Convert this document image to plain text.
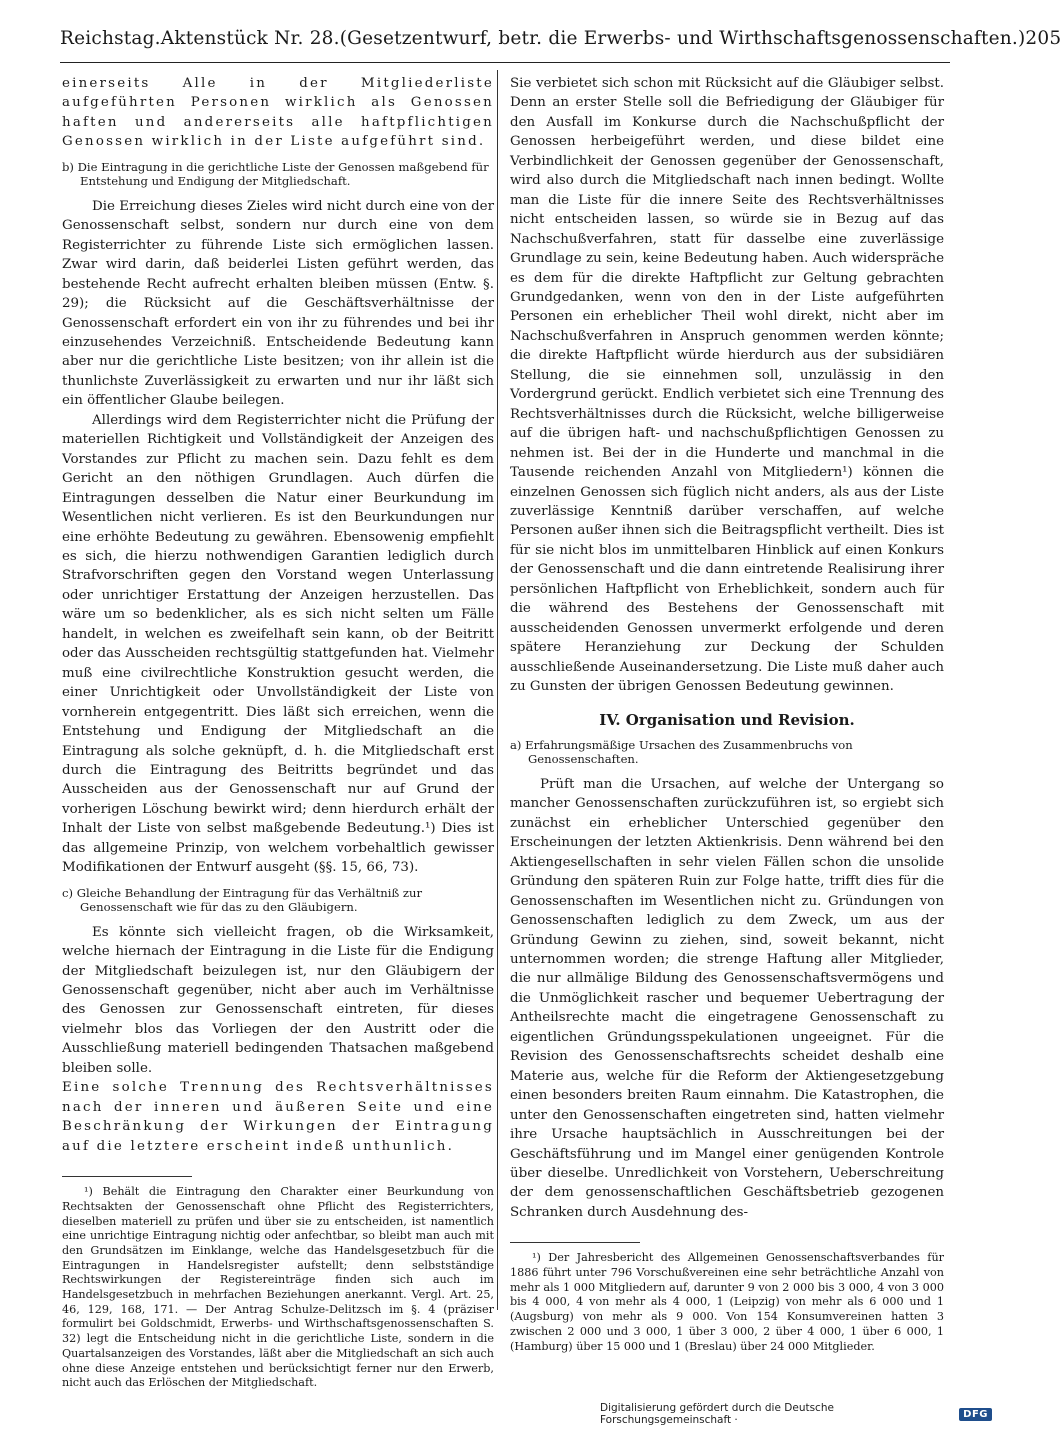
Reichstag. Aktenstück Nr. 28. (Gesetzentwurf, betr. die Erwerbs- und Wirthschaftsgenossenschaften.) 205

einerseits Alle in der Mitgliederliste aufgeführten Personen wirklich als Genossen haften und andererseits alle haftpflichtigen Genossen wirklich in der Liste aufgeführt sind.

b) Die Eintragung in die gerichtliche Liste der Genossen maßgebend für Entstehung und Endigung der Mitgliedschaft.

Die Erreichung dieses Zieles wird nicht durch eine von der Genossenschaft selbst, sondern nur durch eine von dem Registerrichter zu führende Liste sich ermöglichen lassen. Zwar wird darin, daß beiderlei Listen geführt werden, das bestehende Recht aufrecht erhalten bleiben müssen (Entw. §. 29); die Rücksicht auf die Geschäftsverhältnisse der Genossenschaft erfordert ein von ihr zu führendes und bei ihr einzusehendes Verzeichniß. Entscheidende Bedeutung kann aber nur die gerichtliche Liste besitzen; von ihr allein ist die thunlichste Zuverlässigkeit zu erwarten und nur ihr läßt sich ein öffentlicher Glaube beilegen.

Allerdings wird dem Registerrichter nicht die Prüfung der materiellen Richtigkeit und Vollständigkeit der Anzeigen des Vorstandes zur Pflicht zu machen sein. Dazu fehlt es dem Gericht an den nöthigen Grundlagen. Auch dürfen die Eintragungen desselben die Natur einer Beurkundung im Wesentlichen nicht verlieren. Es ist den Beurkundungen nur eine erhöhte Bedeutung zu gewähren. Ebensowenig empfiehlt es sich, die hierzu nothwendigen Garantien lediglich durch Strafvorschriften gegen den Vorstand wegen Unterlassung oder unrichtiger Erstattung der Anzeigen herzustellen. Das wäre um so bedenklicher, als es sich nicht selten um Fälle handelt, in welchen es zweifelhaft sein kann, ob der Beitritt oder das Ausscheiden rechtsgültig stattgefunden hat. Vielmehr muß eine civilrechtliche Konstruktion gesucht werden, die einer Unrichtigkeit oder Unvollständigkeit der Liste von vornherein entgegentritt. Dies läßt sich erreichen, wenn die Entstehung und Endigung der Mitgliedschaft an die Eintragung als solche geknüpft, d. h. die Mitgliedschaft erst durch die Eintragung des Beitritts begründet und das Ausscheiden aus der Genossenschaft nur auf Grund der vorherigen Löschung bewirkt wird; denn hierdurch erhält der Inhalt der Liste von selbst maßgebende Bedeutung.¹) Dies ist das allgemeine Prinzip, von welchem vorbehaltlich gewisser Modifikationen der Entwurf ausgeht (§§. 15, 66, 73).

c) Gleiche Behandlung der Eintragung für das Verhältniß zur Genossenschaft wie für das zu den Gläubigern.

Es könnte sich vielleicht fragen, ob die Wirksamkeit, welche hiernach der Eintragung in die Liste für die Endigung der Mitgliedschaft beizulegen ist, nur den Gläubigern der Genossenschaft gegenüber, nicht aber auch im Verhältnisse des Genossen zur Genossenschaft eintreten, für dieses vielmehr blos das Vorliegen der den Austritt oder die Ausschließung materiell bedingenden Thatsachen maßgebend bleiben solle.

Eine solche Trennung des Rechtsverhältnisses nach der inneren und äußeren Seite und eine Beschränkung der Wirkungen der Eintragung auf die letztere erscheint indeß unthunlich.

¹) Behält die Eintragung den Charakter einer Beurkundung von Rechtsakten der Genossenschaft ohne Pflicht des Registerrichters, dieselben materiell zu prüfen und über sie zu entscheiden, ist namentlich eine unrichtige Eintragung nichtig oder anfechtbar, so bleibt man auch mit den Grundsätzen im Einklange, welche das Handelsgesetzbuch für die Eintragungen in Handelsregister aufstellt; denn selbstständige Rechtswirkungen der Registereinträge finden sich auch im Handelsgesetzbuch in mehrfachen Beziehungen anerkannt. Vergl. Art. 25, 46, 129, 168, 171. — Der Antrag Schulze-Delitzsch im §. 4 (präziser formulirt bei Goldschmidt, Erwerbs- und Wirthschaftsgenossenschaften S. 32) legt die Entscheidung nicht in die gerichtliche Liste, sondern in die Quartalsanzeigen des Vorstandes, läßt aber die Mitgliedschaft an sich auch ohne diese Anzeige entstehen und berücksichtigt ferner nur den Erwerb, nicht auch das Erlöschen der Mitgliedschaft.

Sie verbietet sich schon mit Rücksicht auf die Gläubiger selbst. Denn an erster Stelle soll die Befriedigung der Gläubiger für den Ausfall im Konkurse durch die Nachschußpflicht der Genossen herbeigeführt werden, und diese bildet eine Verbindlichkeit der Genossen gegenüber der Genossenschaft, wird also durch die Mitgliedschaft nach innen bedingt. Wollte man die Liste für die innere Seite des Rechtsverhältnisses nicht entscheiden lassen, so würde sie in Bezug auf das Nachschußverfahren, statt für dasselbe eine zuverlässige Grundlage zu sein, keine Bedeutung haben. Auch widerspräche es dem für die direkte Haftpflicht zur Geltung gebrachten Grundgedanken, wenn von den in der Liste aufgeführten Personen ein erheblicher Theil wohl direkt, nicht aber im Nachschußverfahren in Anspruch genommen werden könnte; die direkte Haftpflicht würde hierdurch aus der subsidiären Stellung, die sie einnehmen soll, unzulässig in den Vordergrund gerückt. Endlich verbietet sich eine Trennung des Rechtsverhältnisses durch die Rücksicht, welche billigerweise auf die übrigen haft- und nachschußpflichtigen Genossen zu nehmen ist. Bei der in die Hunderte und manchmal in die Tausende reichenden Anzahl von Mitgliedern¹) können die einzelnen Genossen sich füglich nicht anders, als aus der Liste zuverlässige Kenntniß darüber verschaffen, auf welche Personen außer ihnen sich die Beitragspflicht vertheilt. Dies ist für sie nicht blos im unmittelbaren Hinblick auf einen Konkurs der Genossenschaft und die dann eintretende Realisirung ihrer persönlichen Haftpflicht von Erheblichkeit, sondern auch für die während des Bestehens der Genossenschaft mit ausscheidenden Genossen unvermerkt erfolgende und deren spätere Heranziehung zur Deckung der Schulden ausschließende Auseinandersetzung. Die Liste muß daher auch zu Gunsten der übrigen Genossen Bedeutung gewinnen.

IV. Organisation und Revision.

a) Erfahrungsmäßige Ursachen des Zusammenbruchs von Genossenschaften.

Prüft man die Ursachen, auf welche der Untergang so mancher Genossenschaften zurückzuführen ist, so ergiebt sich zunächst ein erheblicher Unterschied gegenüber den Erscheinungen der letzten Aktienkrisis. Denn während bei den Aktiengesellschaften in sehr vielen Fällen schon die unsolide Gründung den späteren Ruin zur Folge hatte, trifft dies für die Genossenschaften im Wesentlichen nicht zu. Gründungen von Genossenschaften lediglich zu dem Zweck, um aus der Gründung Gewinn zu ziehen, sind, soweit bekannt, nicht unternommen worden; die strenge Haftung aller Mitglieder, die nur allmälige Bildung des Genossenschaftsvermögens und die Unmöglichkeit rascher und bequemer Uebertragung der Antheilsrechte macht die eingetragene Genossenschaft zu eigentlichen Gründungsspekulationen ungeeignet. Für die Revision des Genossenschaftsrechts scheidet deshalb eine Materie aus, welche für die Reform der Aktiengesetzgebung einen besonders breiten Raum einnahm. Die Katastrophen, die unter den Genossenschaften eingetreten sind, hatten vielmehr ihre Ursache hauptsächlich in Ausschreitungen bei der Geschäftsführung und im Mangel einer genügenden Kontrole über dieselbe. Unredlichkeit von Vorstehern, Ueberschreitung der dem genossenschaftlichen Geschäftsbetrieb gezogenen Schranken durch Ausdehnung des-

¹) Der Jahresbericht des Allgemeinen Genossenschaftsverbandes für 1886 führt unter 796 Vorschußvereinen eine sehr beträchtliche Anzahl von mehr als 1 000 Mitgliedern auf, darunter 9 von 2 000 bis 3 000, 4 von 3 000 bis 4 000, 4 von mehr als 4 000, 1 (Leipzig) von mehr als 6 000 und 1 (Augsburg) von mehr als 9 000. Von 154 Konsumvereinen hatten 3 zwischen 2 000 und 3 000, 1 über 3 000, 2 über 4 000, 1 über 6 000, 1 (Hamburg) über 15 000 und 1 (Breslau) über 24 000 Mitglieder.

Digitalisierung gefördert durch die Deutsche Forschungsgemeinschaft ·	DFG
